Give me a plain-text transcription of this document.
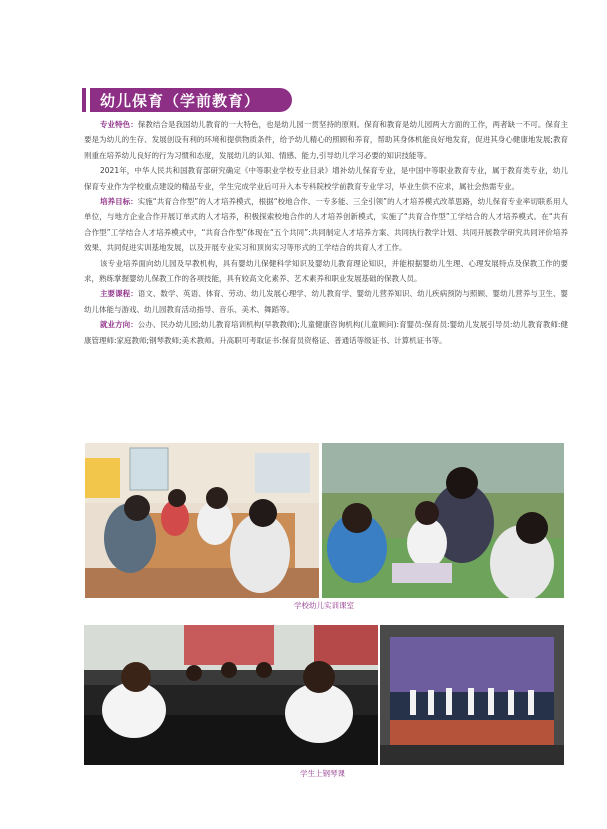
幼儿保育（学前教育）

专业特色：保教结合是我国幼儿教育的一大特色，也是幼儿园一贯坚持的原则。保育和教育是幼儿园两大方面的工作，两者缺一不可。保育主要是为幼儿的生存、发展创设有利的环境和提供物质条件，给予幼儿精心的照顾和养育，帮助其身体机能良好地发育，促进其身心健康地发展;教育则重在培养幼儿良好的行为习惯和态度，发展幼儿的认知、情感、能力,引导幼儿学习必要的知识技能等。

2021年，中华人民共和国教育部研究确定《中等职业学校专业目录》增补幼儿保育专业，是中国中等职业教育专业，属于教育类专业，幼儿保育专业作为学校重点建设的精品专业，学生完成学业后可升入本专科院校学前教育专业学习，毕业生供不应求，属社会热需专业。

培养目标：实施“共育合作型”的人才培养模式，根据“校地合作、一专多能、三全引领”的人才培养模式改革思路，幼儿保育专业率切联系用人单位，与地方企业合作开展订单式的人才培养，积极探索校地合作的人才培养创新模式，实施了“共育合作型”工学结合的人才培养模式。在“共有合作型”工学结合人才培养模式中，“共育合作型”体现在“五个共同”:共同制定人才培养方案、共同执行教学计划、共同开展教学研究共同评价培养效果、共同促进实训基地发展，以及开展专业实习和顶岗实习等形式的工学结合的共育人才工作。

该专业培养面向幼儿园及早教机构，具有婴幼儿保健科学知识及婴幼儿教育理论知识，并能根据婴幼儿生理、心理发展特点及保教工作的要求，熟练掌握婴幼儿保教工作的各项技能，具有较高文化素养、艺术素养和职业发展基础的保教人员。

主要课程：语文、数学、英语、体育、劳动、幼儿发展心理学、幼儿教育学、婴幼儿营养知识、幼儿疾病预防与照顾、婴幼儿营养与卫生、婴幼儿体能与游戏、幼儿园教育活动指导、音乐、美术、舞蹈等。

就业方向：公办、民办幼儿园;幼儿教育培训机构(早教教师);儿童健康咨询机构(儿童顾问):育婴员:保育员:婴幼儿发展引导员:幼儿教育教师:健康管理师:家庭教师;钢琴教师;美术教师。升高职可考取证书:保育员资格证、普通话等级证书、计算机证书等。

学校幼儿实训课室
学生上钢琴课
